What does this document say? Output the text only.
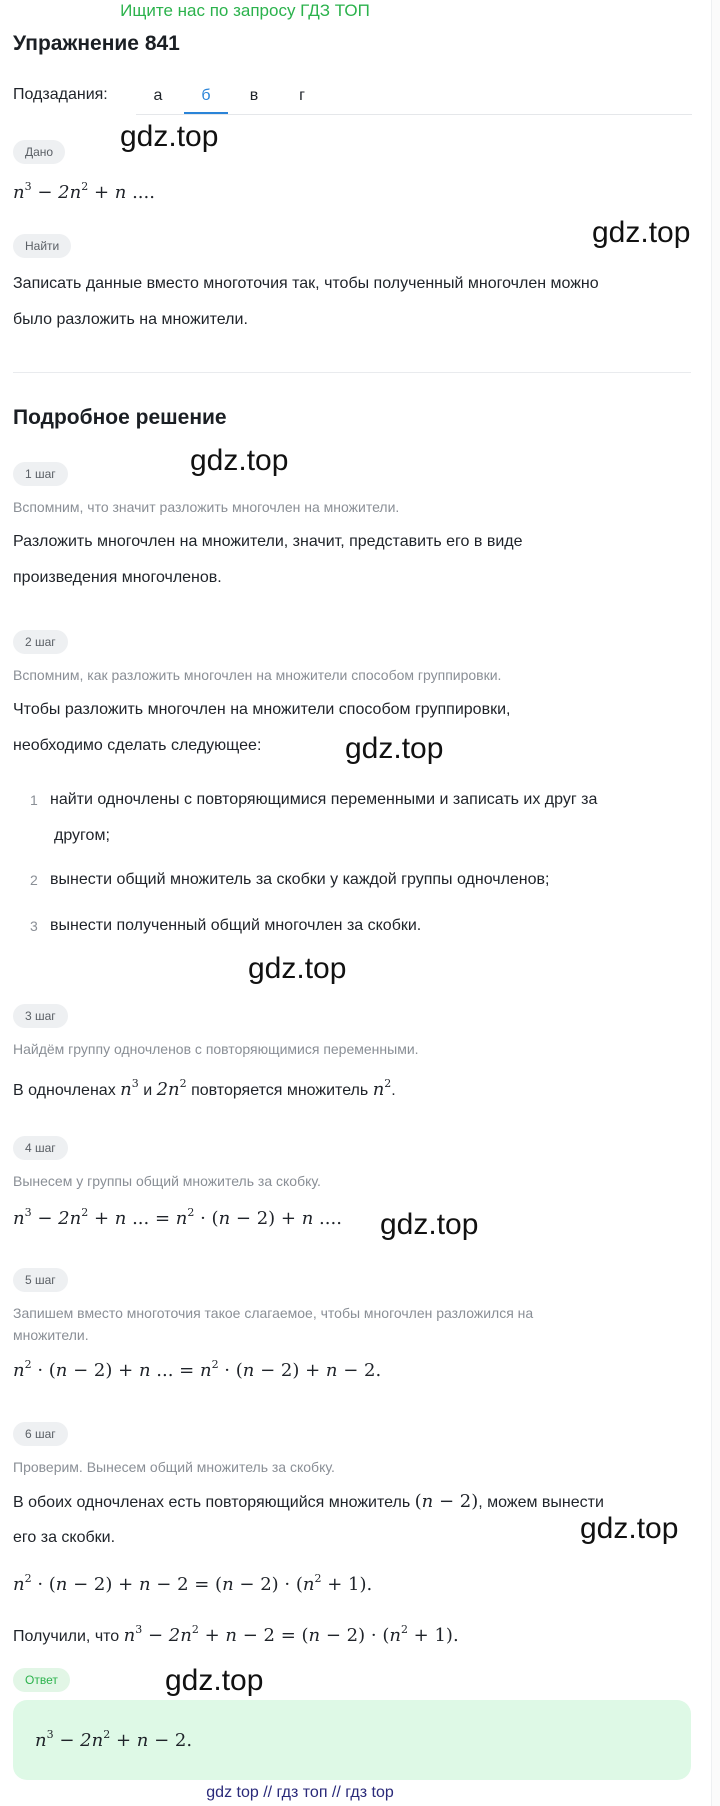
Ищите нас по запросу ГДЗ ТОП
Упражнение 841
Подзадания:	а	б	в	г
Дано	gdz.top
$n^3 - 2n^2 + n$ ....
Найти	gdz.top
Записать данные вместо многоточия так, чтобы полученный многочлен можно
было разложить на множители.
Подробное решение
1 шаг	gdz.top
Вспомним, что значит разложить многочлен на множители.
Разложить многочлен на множители, значит, представить его в виде
произведения многочленов.
2 шаг
Вспомним, как разложить многочлен на множители способом группировки.
Чтобы разложить многочлен на множители способом группировки,
необходимо сделать следующее:	gdz.top
1 найти одночлены с повторяющимися переменными и записать их друг за
другом;
2 вынести общий множитель за скобки у каждой группы одночленов;
3 вынести полученный общий многочлен за скобки.
gdz.top
3 шаг
Найдём группу одночленов с повторяющимися переменными.
В одночленах $n^3$ и $2n^2$ повторяется множитель $n^2$.
4 шаг
Вынесем у группы общий множитель за скобку.
$n^3 - 2n^2 + n$ ... = $n^2 \cdot (n - 2) + n$ .... gdz.top
5 шаг
Запишем вместо многоточия такое слагаемое, чтобы многочлен разложился на
множители.
$n^2 \cdot (n - 2) + n$ ... = $n^2 \cdot (n - 2) + n - 2$.
6 шаг
Проверим. Вынесем общий множитель за скобку.
В обоих одночленах есть повторяющийся множитель (n − 2), можем вынести
его за скобки.	gdz.top
$n^2 \cdot (n - 2) + n - 2 = (n - 2) \cdot (n^2 + 1)$.
Получили, что $n^3 - 2n^2 + n - 2 = (n - 2) \cdot (n^2 + 1)$.
Ответ	gdz.top
$n^3 - 2n^2 + n - 2$.
gdz top // гдз топ // гдз top
